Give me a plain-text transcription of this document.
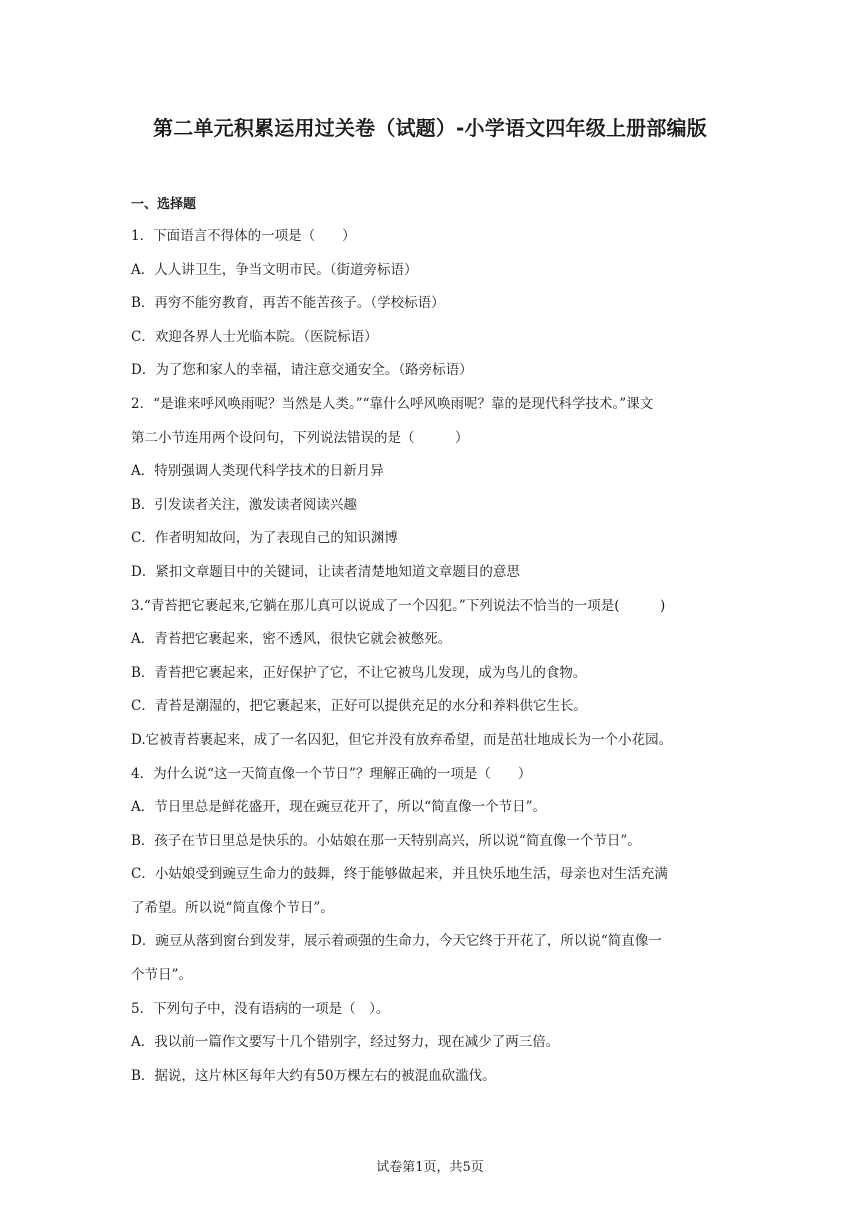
第二单元积累运用过关卷（试题）-小学语文四年级上册部编版
一、选择题
1．下面语言不得体的一项是（　　）
A．人人讲卫生，争当文明市民。（街道旁标语）
B．再穷不能穷教育，再苦不能苦孩子。（学校标语）
C．欢迎各界人士光临本院。（医院标语）
D．为了您和家人的幸福，请注意交通安全。（路旁标语）
2．“是谁来呼风唤雨呢？当然是人类。”“靠什么呼风唤雨呢？靠的是现代科学技术。”课文
第二小节连用两个设问句，下列说法错误的是（　　　）
A．特别强调人类现代科学技术的日新月异
B．引发读者关注，激发读者阅读兴趣
C．作者明知故问，为了表现自己的知识渊博
D．紧扣文章题目中的关键词，让读者清楚地知道文章题目的意思
3.“青苔把它裹起来,它躺在那儿真可以说成了一个囚犯。”下列说法不恰当的一项是(　　　)
A．青苔把它裹起来，密不透风，很快它就会被憋死。
B．青苔把它裹起来，正好保护了它，不让它被鸟儿发现，成为鸟儿的食物。
C．青苔是潮湿的，把它裹起来，正好可以提供充足的水分和养料供它生长。
D.它被青苔裹起来，成了一名囚犯，但它并没有放弃希望，而是茁壮地成长为一个小花园。
4．为什么说“这一天简直像一个节日”？理解正确的一项是（　　）
A．节日里总是鲜花盛开，现在豌豆花开了，所以“简直像一个节日”。
B．孩子在节日里总是快乐的。小姑娘在那一天特别高兴，所以说“简直像一个节日”。
C．小姑娘受到豌豆生命力的鼓舞，终于能够做起来，并且快乐地生活，母亲也对生活充满
了希望。所以说“简直像个节日”。
D．豌豆从落到窗台到发芽，展示着顽强的生命力，今天它终于开花了，所以说“简直像一
个节日”。
5．下列句子中，没有语病的一项是（　）。
A．我以前一篇作文要写十几个错别字，经过努力，现在减少了两三倍。
B．据说，这片林区每年大约有50万棵左右的被混血砍滥伐。
试卷第1页，共5页
